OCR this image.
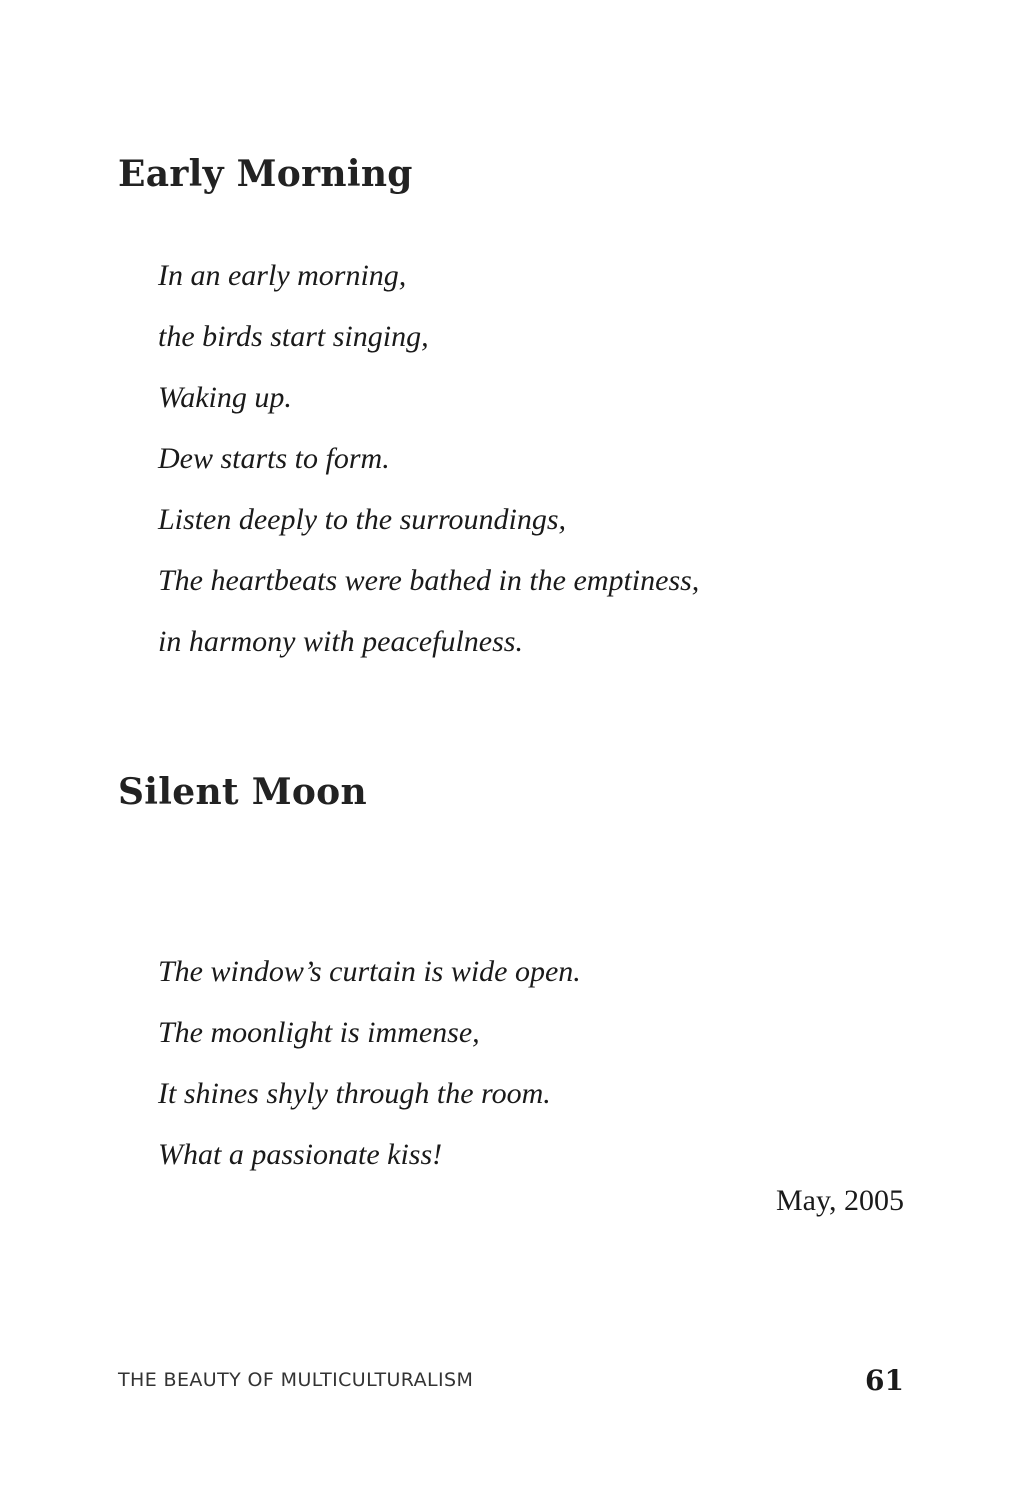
Early Morning
In an early morning,
the birds start singing,
Waking up.
Dew starts to form.
Listen deeply to the surroundings,
The heartbeats were bathed in the emptiness,
in harmony with peacefulness.
Silent Moon
The window’s curtain is wide open.
The moonlight is immense,
It shines shyly through the room.
What a passionate kiss!
May, 2005
THE BEAUTY OF MULTICULTURALISM	61
